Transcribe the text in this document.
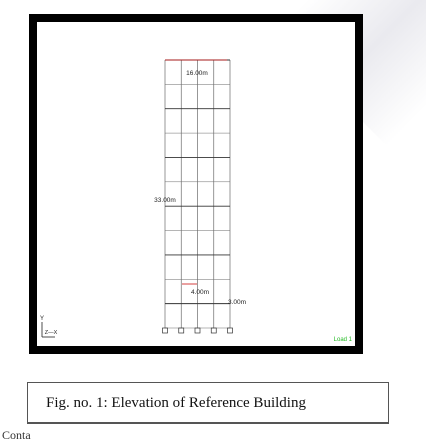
16.00m
33.00m
4.00m
3.00m
Y
Z—X
Load 1
Fig. no. 1: Elevation of Reference Building
Conta
